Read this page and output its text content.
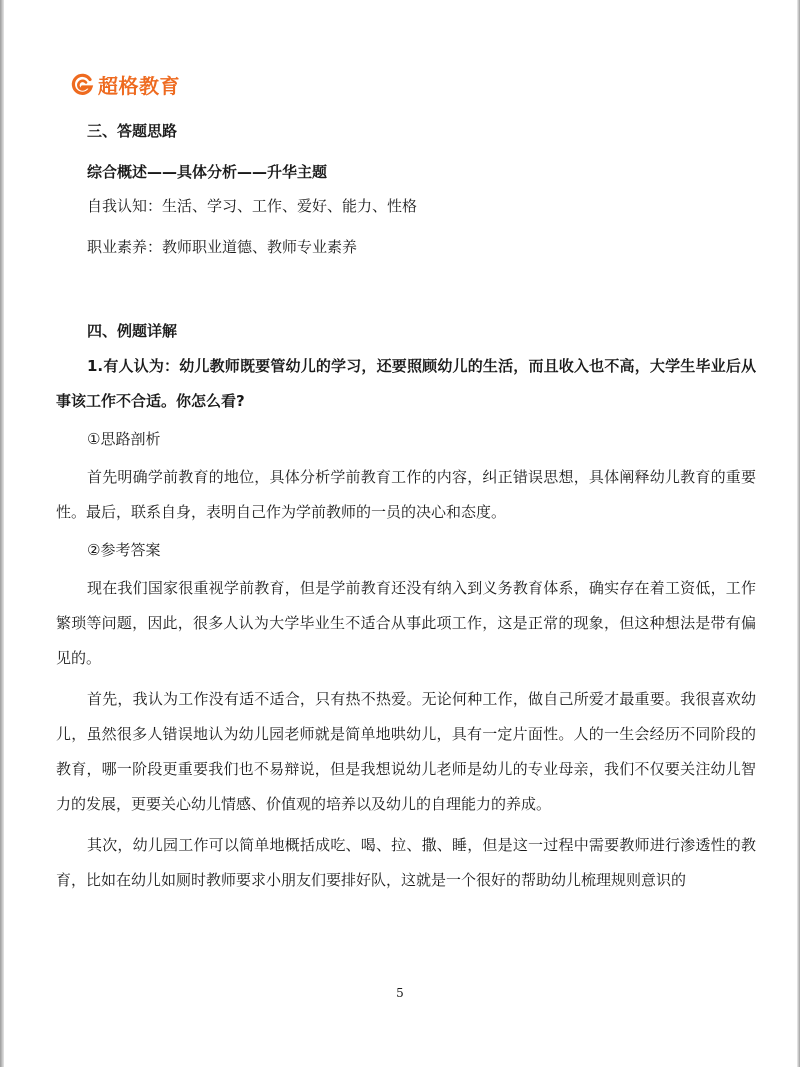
超格教育

三、答题思路

综合概述——具体分析——升华主题

自我认知：生活、学习、工作、爱好、能力、性格

职业素养：教师职业道德、教师专业素养

四、例题详解

1.有人认为：幼儿教师既要管幼儿的学习，还要照顾幼儿的生活，而且收入也不高，大学生毕业后从事该工作不合适。你怎么看?

①思路剖析

首先明确学前教育的地位，具体分析学前教育工作的内容，纠正错误思想，具体阐释幼儿教育的重要性。最后，联系自身，表明自己作为学前教师的一员的决心和态度。

②参考答案

现在我们国家很重视学前教育，但是学前教育还没有纳入到义务教育体系，确实存在着工资低，工作繁琐等问题，因此，很多人认为大学毕业生不适合从事此项工作，这是正常的现象，但这种想法是带有偏见的。

首先，我认为工作没有适不适合，只有热不热爱。无论何种工作，做自己所爱才最重要。我很喜欢幼儿，虽然很多人错误地认为幼儿园老师就是简单地哄幼儿，具有一定片面性。人的一生会经历不同阶段的教育，哪一阶段更重要我们也不易辩说，但是我想说幼儿老师是幼儿的专业母亲，我们不仅要关注幼儿智力的发展，更要关心幼儿情感、价值观的培养以及幼儿的自理能力的养成。

其次，幼儿园工作可以简单地概括成吃、喝、拉、撒、睡，但是这一过程中需要教师进行渗透性的教育，比如在幼儿如厕时教师要求小朋友们要排好队，这就是一个很好的帮助幼儿梳理规则意识的

5
